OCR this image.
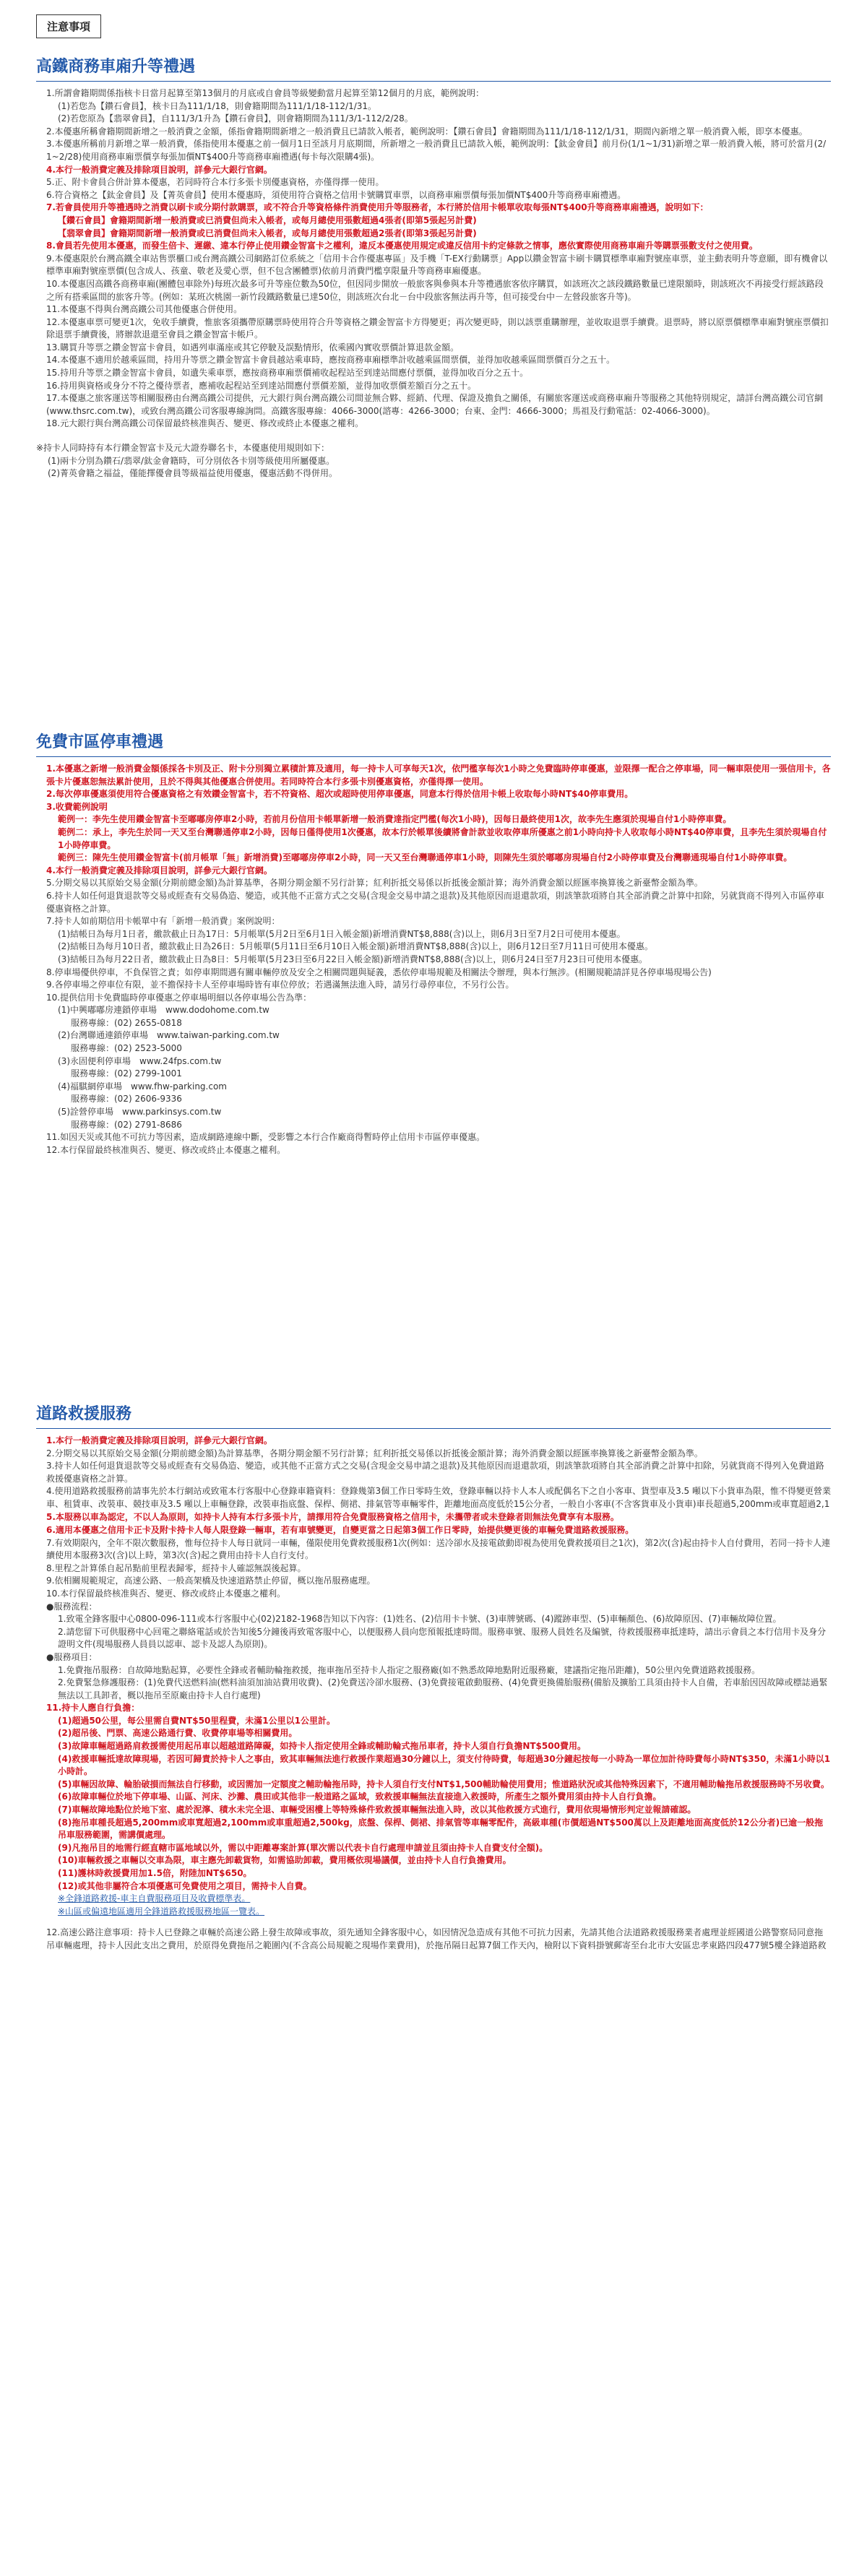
注意事項
高鐵商務車廂升等禮遇
1.所謂會籍期間係指核卡日當月起算至第13個月的月底或自會員等級變動當月起算至第12個月的月底，範例說明：
(1)若您為【鑽石會員】，核卡日為111/1/18，則會籍期間為111/1/18-112/1/31。
(2)若您原為【翡翠會員】，自111/3/1升為【鑽石會員】，則會籍期間為111/3/1-112/2/28。
2.本優惠所稱會籍期間新增之一般消費之金額，係指會籍期間新增之一般消費且已請款入帳者，範例說明：【鑽石會員】會籍期間為111/1/18-112/1/31，期間內新增之單一般消費入帳，即享本優惠。
3.本優惠所稱前月新增之單一般消費，係指使用本優惠之前一個月1日至該月月底期間，所新增之一般消費且已請款入帳，範例說明：【鈦金會員】前月份(1/1~1/31)新增之單一般消費入帳，將可於當月(2/1~2/28)使用商務車廂票價享每張加價NT$400升等商務車廂禮遇(每卡每次限購4張)。
4.本行一般消費定義及排除項目說明，詳參元大銀行官網。
5.正、附卡會員合併計算本優惠，若同時符合本行多張卡別優惠資格，亦僅得擇一使用。
6.符合資格之【鈦金會員】及【菁英會員】使用本優惠時，須使用符合資格之信用卡號購買車票，以商務車廂票價每張加價NT$400升等商務車廂禮遇。
7.若會員使用升等禮遇時之消費以刷卡或分期付款購票，或不符合升等資格條件消費使用升等服務者，本行將於信用卡帳單收取每張NT$400升等商務車廂禮遇，說明如下：
【鑽石會員】會籍期間新增一般消費或已消費但尚未入帳者，或每月總使用張數超過4張者(即第5張起另計費)
【翡翠會員】會籍期間新增一般消費或已消費但尚未入帳者，或每月總使用張數超過2張者(即第3張起另計費)
8.會員若先使用本優惠，而發生倍卡、遲繳、違本行停止使用鑽金智富卡之權利，違反本優惠使用規定或違反信用卡約定條款之情事，應依實際使用商務車廂升等購票張數支付之使用費。
9.本優惠限於台灣高鐵全車站售票櫃口或台灣高鐵公司網路訂位系統之「信用卡合作優惠專區」及手機「T-EX行動購票」App以鑽金智富卡刷卡購買標準車廂對號座車票，並主動表明升等意願，即有機會以標準車廂對號座票價(包含成人、孩童、敬老及愛心票，但不包含團體票)依前月消費門檻享限量升等商務車廂優惠。
10.本優惠因高鐵各商務車廂(團體包車除外)每班次最多可升等座位數為50位，但因同步開放一般旅客與參與本升等禮遇旅客依序購買，如該班次之該段鐵路數量已達限額時，則該班次不再接受行經該路段之所有搭乘區間的旅客升等。(例如：某班次桃園一新竹段鐵路數量已達50位，則該班次台北－台中段旅客無法再升等，但可接受台中－左營段旅客升等)。
11.本優惠不得與台灣高鐵公司其他優惠合併使用。
12.本優惠車票可變更1次，免收手續費，惟旅客須攜帶原購票時使用符合升等資格之鑽金智富卡方得變更；再次變更時，則以該票重購辦理，並收取退票手續費。退票時，將以原票價標準車廂對號座票價扣除退票手續費後，將辦款退還至會員之鑽金智富卡帳戶。
13.購買升等票之鑽金智富卡會員，如遇列車滿座或其它停駛及誤點情形，依乘國內實收票價計算退款金額。
14.本優惠不適用於越乘區間，持用升等票之鑽金智富卡會員越站乘車時，應按商務車廂標準計收越乘區間票價，並得加收越乘區間票價百分之五十。
15.持用升等票之鑽金智富卡會員，如遺失乘車票，應按商務車廂票價補收起程站至到達站間應付票價，並得加收百分之五十。
16.持用與資格或身分不符之優待票者，應補收起程站至到達站間應付票價差額，並得加收票價差額百分之五十。
17.本優惠之旅客運送等相關服務由台灣高鐵公司提供，元大銀行與台灣高鐵公司間並無合夥、經銷、代理、保證及擔負之關係，有關旅客運送或商務車廂升等服務之其他特別規定，請詳台灣高鐵公司官網(www.thsrc.com.tw)，或致台灣高鐵公司客服專線詢問。高鐵客服專線：4066-3000(諮專：4266-3000；台東、金門：4666-3000；馬祖及行動電話：02-4066-3000)。
18.元大銀行與台灣高鐵公司保留最終核准與否、變更、修改或終止本優惠之權利。
※持卡人同時持有本行鑽金智富卡及元大證券聯名卡，本優惠使用規則如下：
(1)兩卡分別為鑽石/翡翠/鈦金會籍時，可分別依各卡別等級使用所屬優惠。
(2)菁英會籍之福益，僅能擇優會員等級福益使用優惠，優惠活動不得併用。
免費市區停車禮遇
1.本優惠之新增一般消費金額係採各卡別及正、附卡分別獨立累積計算及適用，每一持卡人可享每天1次，依門檻享每次1小時之免費臨時停車優惠，並限擇一配合之停車場，同一輛車限使用一張信用卡，各張卡片優惠恕無法累計使用，且於不得與其他優惠合併使用。若同時符合本行多張卡別優惠資格，亦僅得擇一使用。
2.每次停車優惠須使用符合優惠資格之有效鑽金智富卡，若不符資格、超次或超時使用停車優惠，同意本行得於信用卡帳上收取每小時NT$40停車費用。
3.收費範例說明
範例一：李先生使用鑽金智富卡至嘟嘟房停車2小時，若前月份信用卡帳單新增一般消費達指定門檻(每次1小時)，因每日最終使用1次，故李先生應須於現場自付1小時停車費。
範例二：承上，李先生於同一天又至台灣聯通停車2小時，因每日僅得使用1次優惠，故本行於帳單後續將會計款並收取停車所優惠之前1小時向持卡人收取每小時NT$40停車費，且李先生須於現場自付1小時停車費。
範例三：陳先生使用鑽金智富卡(前月帳單「無」新增消費)至嘟嘟房停車2小時，同一天又至台灣聯通停車1小時，則陳先生須於嘟嘟房現場自付2小時停車費及台灣聯通現場自付1小時停車費。
4.本行一般消費定義及排除項目說明，詳參元大銀行官網。
5.分期交易以其原始交易金額(分期前總金額)為計算基準，各期分期金額不另行計算；紅利折抵交易係以折抵後金額計算；海外消費金額以經匯率換算後之新臺幣金額為準。
6.持卡人如任何退貨退款等交易或經查有交易偽造、變造，或其他不正當方式之交易(含現金交易申請之退款)及其他原因而退還款項，則該筆款項將自其全部消費之計算中扣除，另就貨商不得列入市區停車優惠資格之計算。
7.持卡人如前期信用卡帳單中有「新增一般消費」案例說明：
(1)結帳日為每月1日者，繳款截止日為17日：5月帳單(5月2日至6月1日入帳金額)新增消費NT$8,888(含)以上，則6月3日至7月2日可使用本優惠。
(2)結帳日為每月10日者，繳款截止日為26日：5月帳單(5月11日至6月10日入帳金額)新增消費NT$8,888(含)以上，則6月12日至7月11日可使用本優惠。
(3)結帳日為每月22日者，繳款截止日為8日：5月帳單(5月23日至6月22日入帳金額)新增消費NT$8,888(含)以上，則6月24日至7月23日可使用本優惠。
8.停車場優供停車，不負保管之責；如停車期間遇有關車輛停放及安全之相關問題與疑義，悉依停車場規範及相關法令辦理，與本行無涉。(相關規範請詳見各停車場現場公告)
9.各停車場之停車位有限，並不擔保持卡人至停車場時皆有車位停放；若遇滿無法進入時，請另行尋停車位，不另行公告。
10.提供信用卡免費臨時停車優惠之停車場明細以各停車場公告為準：
(1)中興嘟嘟房連鎖停車場　www.dodohome.com.tw
服務專線：(02) 2655-0818
(2)台灣聯通連鎖停車場　www.taiwan-parking.com.tw
服務專線：(02) 2523-5000
(3)永固便利停車場　www.24fps.com.tw
服務專線：(02) 2799-1001
(4)福騏網停車場　www.fhw-parking.com
服務專線：(02) 2606-9336
(5)詮營停車場　www.parkinsys.com.tw
服務專線：(02) 2791-8686
11.如因天災或其他不可抗力等因素，造成網路連線中斷，受影響之本行合作廠商得暫時停止信用卡市區停車優惠。
12.本行保留最終核准與否、變更、修改或終止本優惠之權利。
道路救援服務
1.本行一般消費定義及排除項目說明，詳參元大銀行官網。
2.分期交易以其原始交易金額(分期前總金額)為計算基準，各期分期金額不另行計算；紅利折抵交易係以折抵後金額計算；海外消費金額以經匯率換算後之新臺幣金額為準。
3.持卡人如任何退貨退款等交易或經查有交易偽造、變造，或其他不正當方式之交易(含現金交易申請之退款)及其他原因而退還款項，則該筆款項將自其全部消費之計算中扣除，另就貨商不得列入免費道路救援優惠資格之計算。
4.使用道路救援服務前請事先於本行網站或致電本行客服中心登錄車籍資料：登錄幾第3個工作日零時生效，登錄車輛以持卡人本人或配偶名下之自小客車、貨型車及3.5 噸以下小貨車為限，惟不得變更營業車、租賃車、改裝車、競技車及3.5 噸以上車輛登錄，改裝車指底盤、保桿、側裙、排氣管等車輛零件，距離地面高度低於15公分者，一般自小客車(不含客貨車及小貨車)車長超過5,200mm或車寬超過2,1
5.本服務以車為認定，不以人為原則，如持卡人持有本行多張卡片，請擇用符合免費服務資格之信用卡，未攜帶者或未登錄者則無法免費享有本服務。
6.適用本優惠之信用卡正卡及附卡持卡人每人限登錄一輛車，若有車號變更，自變更當之日起第3個工作日零時，始提供變更後的車輛免費道路救援服務。
7.有效期限內，全年不限次數服務，惟每位持卡人每日就同一車輛，僅限使用免費救援服務1次(例如：送冷卻水及接電啟動即視為使用免費救援項目之1次)，第2次(含)起由持卡人自付費用，若同一持卡人連續使用本服務3次(含)以上時，第3次(含)起之費用由持卡人自行支付。
8.里程之計算係自起吊點前里程表歸零，經持卡人確認無誤後起算。
9.依相關規範規定，高速公路、一般高架橋及快速道路禁止停留，概以拖吊服務處理。
10.本行保留最終核准與否、變更、修改或終止本優惠之權利。
●服務流程：
1.致電全鋒客服中心0800-096-111或本行客服中心(02)2182-1968告知以下內容：(1)姓名、(2)信用卡卡號、(3)車牌號碼、(4)蹤跡車型、(5)車輛顏色、(6)故障原因、(7)車輛故障位置。
2.請您留下可供服務中心回電之聯絡電話或於告知後5分鐘後再致電客服中心，以便服務人員向您預報抵達時間。服務車號、服務人員姓名及編號，待救援服務車抵達時，請出示會員之本行信用卡及身分證明文件(現場服務人員員以認車、認卡及認人為原則)。
●服務項目：
1.免費拖吊服務：自故障地點起算，必要性全鋒或者輔助輪拖救援，拖車拖吊至持卡人指定之服務廠(如不熟悉故障地點附近服務廠，建議指定拖吊距離)，50公里內免費道路救援服務。
2.免費緊急修護服務：(1)免費代送燃料油(燃料油須加油站費用收費)、(2)免費送冷卻水服務、(3)免費接電啟動服務、(4)免費更換備胎服務(備胎及擴胎工具須由持卡人自備，若車胎因因故障或標誌過緊無法以工具卸者，概以拖吊至原廠由持卡人自行處理)
11.持卡人應自行負擔：
(1)超過50公里，每公里需自費NT$50里程費，未滿1公里以1公里計。
(2)超吊後、門票、高速公路通行費、收費停車場等相關費用。
(3)故障車輛超過路肩救援需使用起吊車以超越道路障礙，如持卡人指定使用全鋒或輔助輪式拖吊車者，持卡人須自行負擔NT$500費用。
(4)救援車輛抵達故障現場，若因可歸責於持卡人之事由，致其車輛無法進行救援作業超過30分鐘以上，須支付待時費，每超過30分鐘起按每一小時為一單位加計待時費每小時NT$350，未滿1小時以1小時計。
(5)車輛因故障、輪胎破損而無法自行移動，或因需加一定額度之輔助輪拖吊時，持卡人須自行支付NT$1,500輔助輪使用費用；惟道路狀況或其他特殊因素下，不適用輔助輪拖吊救援服務時不另收費。
(6)故障車輛位於地下停車場、山區、河床、沙灘、農田或其他非一般道路之區域，致救援車輛無法直接進入救援時，所產生之額外費用須由持卡人自行負擔。
(7)車輛故障地點位於地下室、處於泥濘、積水未完全退、車輛受困樓上等特殊條件致救援車輛無法進入時，改以其他救援方式進行，費用依現場情形判定並報請確認。
(8)拖吊車種長超過5,200mm或車寬超過2,100mm或車重超過2,500kg，底盤、保桿、側裙、排氣管等車輛零配件，高級車種(市價超過NT$500萬以上及距離地面高度低於12公分者)已逾一般拖吊車服務範圍，需講價處理。
(9)凡拖吊目的地需行經直轄市區地域以外，需以中距離專案計算(單次需以代表卡自行處理申請並且須由持卡人自費支付全額)。
(10)車輛救援之車輛以交車為限，車主應先卸載貨物，如需協助卸載，費用概依現場議價，並由持卡人自行負擔費用。
(11)護林時救援費用加1.5倍，附陸加NT$650。
(12)或其他非屬符合本項優惠可免費使用之項目，需持卡人自費。
※全鋒道路救援-車主自費服務項目及收費標準表。
※山區或偏遠地區適用全鋒道路救援服務地區一覽表。
12.高速公路注意事項：持卡人已登錄之車輛於高速公路上發生故障或事故，須先通知全鋒客服中心，如因情況急造成有其他不可抗力因素，先請其他合法道路救援服務業者處理並經國道公路警察局同意拖吊車輛處理，持卡人因此支出之費用，於原得免費拖吊之範圍內(不含高公局規範之現場作業費用)，於拖吊隔日起算7個工作天內，檢附以下資料掛號郵寄至台北市大安區忠孝東路四段477號5樓全鋒道路救
